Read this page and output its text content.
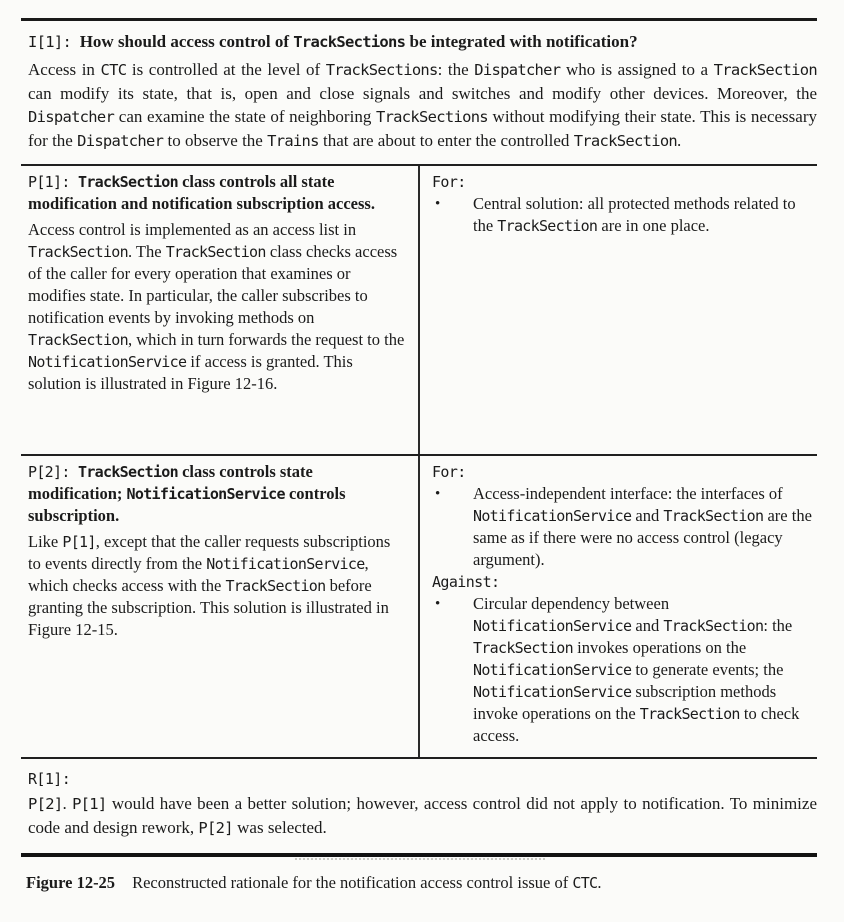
I[1]: How should access control of TrackSections be integrated with notification?
Access in CTC is controlled at the level of TrackSections: the Dispatcher who is assigned to a TrackSection can modify its state, that is, open and close signals and switches and modify other devices. Moreover, the Dispatcher can examine the state of neighboring TrackSections without modifying their state. This is necessary for the Dispatcher to observe the Trains that are about to enter the controlled TrackSection.
P[1]: TrackSection class controls all state modification and notification subscription access.
Access control is implemented as an access list in TrackSection. The TrackSection class checks access of the caller for every operation that examines or modifies state. In particular, the caller subscribes to notification events by invoking methods on TrackSection, which in turn forwards the request to the NotificationService if access is granted. This solution is illustrated in Figure 12-16.
For:
•	Central solution: all protected methods related to the TrackSection are in one place.
P[2]: TrackSection class controls state modification; NotificationService controls subscription.
Like P[1], except that the caller requests subscriptions to events directly from the NotificationService, which checks access with the TrackSection before granting the subscription. This solution is illustrated in Figure 12-15.
For:
•	Access-independent interface: the interfaces of NotificationService and TrackSection are the same as if there were no access control (legacy argument).
Against:
•	Circular dependency between NotificationService and TrackSection: the TrackSection invokes operations on the NotificationService to generate events; the NotificationService subscription methods invoke operations on the TrackSection to check access.
R[1]:
P[2]. P[1] would have been a better solution; however, access control did not apply to notification. To minimize code and design rework, P[2] was selected.
Figure 12-25 Reconstructed rationale for the notification access control issue of CTC.
